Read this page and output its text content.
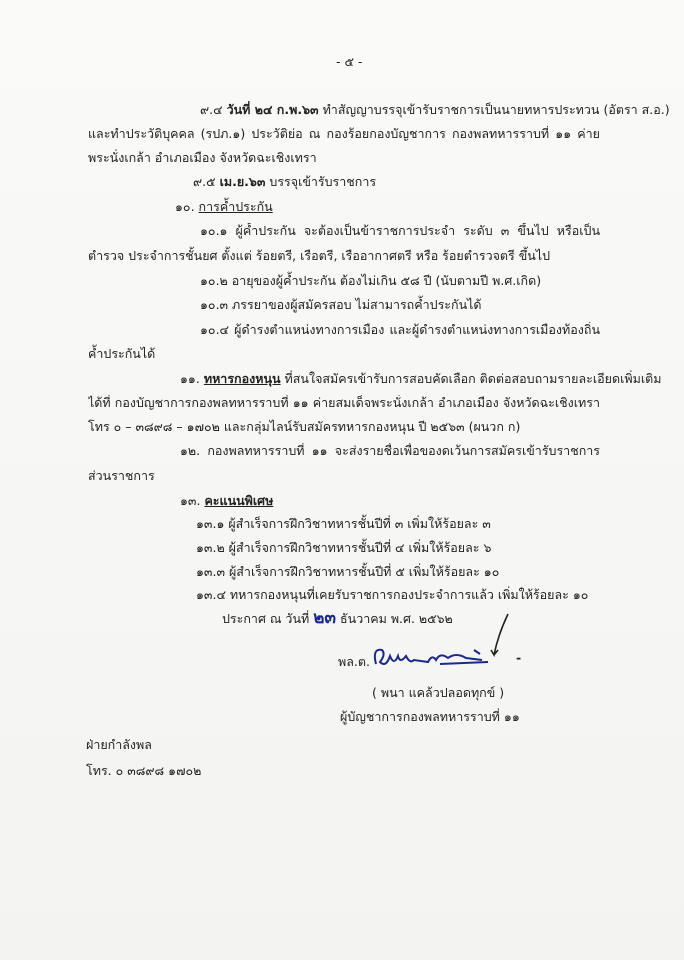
- ๕ -
๙.๔ วันที่ ๒๔ ก.พ.๖๓ ทำสัญญาบรรจุเข้ารับราชการเป็นนายทหารประทวน (อัตรา ส.อ.)
และทำประวัติบุคคล (รปภ.๑) ประวัติย่อ ณ กองร้อยกองบัญชาการ กองพลทหารราบที่ ๑๑ ค่าย
พระนั่งเกล้า อำเภอเมือง จังหวัดฉะเชิงเทรา
๙.๕ เม.ย.๖๓ บรรจุเข้ารับราชการ
๑๐. การค้ำประกัน
๑๐.๑ ผู้ค้ำประกัน จะต้องเป็นข้าราชการประจำ ระดับ ๓ ขึ้นไป หรือเป็น
ตำรวจ ประจำการชั้นยศ ตั้งแต่ ร้อยตรี, เรือตรี, เรืออากาศตรี หรือ ร้อยตำรวจตรี ขึ้นไป
๑๐.๒ อายุของผู้ค้ำประกัน ต้องไม่เกิน ๕๘ ปี (นับตามปี พ.ศ.เกิด)
๑๐.๓ ภรรยาของผู้สมัครสอบ ไม่สามารถค้ำประกันได้
๑๐.๔ ผู้ดำรงตำแหน่งทางการเมือง และผู้ดำรงตำแหน่งทางการเมืองท้องถิ่น
ค้ำประกันได้
๑๑. ทหารกองหนุน ที่สนใจสมัครเข้ารับการสอบคัดเลือก ติดต่อสอบถามรายละเอียดเพิ่มเติม
ได้ที่ กองบัญชาการกองพลทหารราบที่ ๑๑ ค่ายสมเด็จพระนั่งเกล้า อำเภอเมือง จังหวัดฉะเชิงเทรา
โทร ๐ – ๓๘๙๘ – ๑๗๐๒ และกลุ่มไลน์รับสมัครทหารกองหนุน ปี ๒๕๖๓ (ผนวก ก)
๑๒. กองพลทหารราบที่ ๑๑ จะส่งรายชื่อเพื่อของดเว้นการสมัครเข้ารับราชการ
ส่วนราชการ
๑๓. คะแนนพิเศษ
๑๓.๑ ผู้สำเร็จการฝึกวิชาทหารชั้นปีที่ ๓ เพิ่มให้ร้อยละ ๓
๑๓.๒ ผู้สำเร็จการฝึกวิชาทหารชั้นปีที่ ๔ เพิ่มให้ร้อยละ ๖
๑๓.๓ ผู้สำเร็จการฝึกวิชาทหารชั้นปีที่ ๕ เพิ่มให้ร้อยละ ๑๐
๑๓.๔ ทหารกองหนุนที่เคยรับราชการกองประจำการแล้ว เพิ่มให้ร้อยละ ๑๐
ประกาศ ณ วันที่ ๒๓ ธันวาคม พ.ศ. ๒๕๖๒
พล.ต.	-
( พนา แคล้วปลอดทุกข์ )
ผู้บัญชาการกองพลทหารราบที่ ๑๑
ฝ่ายกำลังพล
โทร. ๐ ๓๘๙๘ ๑๗๐๒
